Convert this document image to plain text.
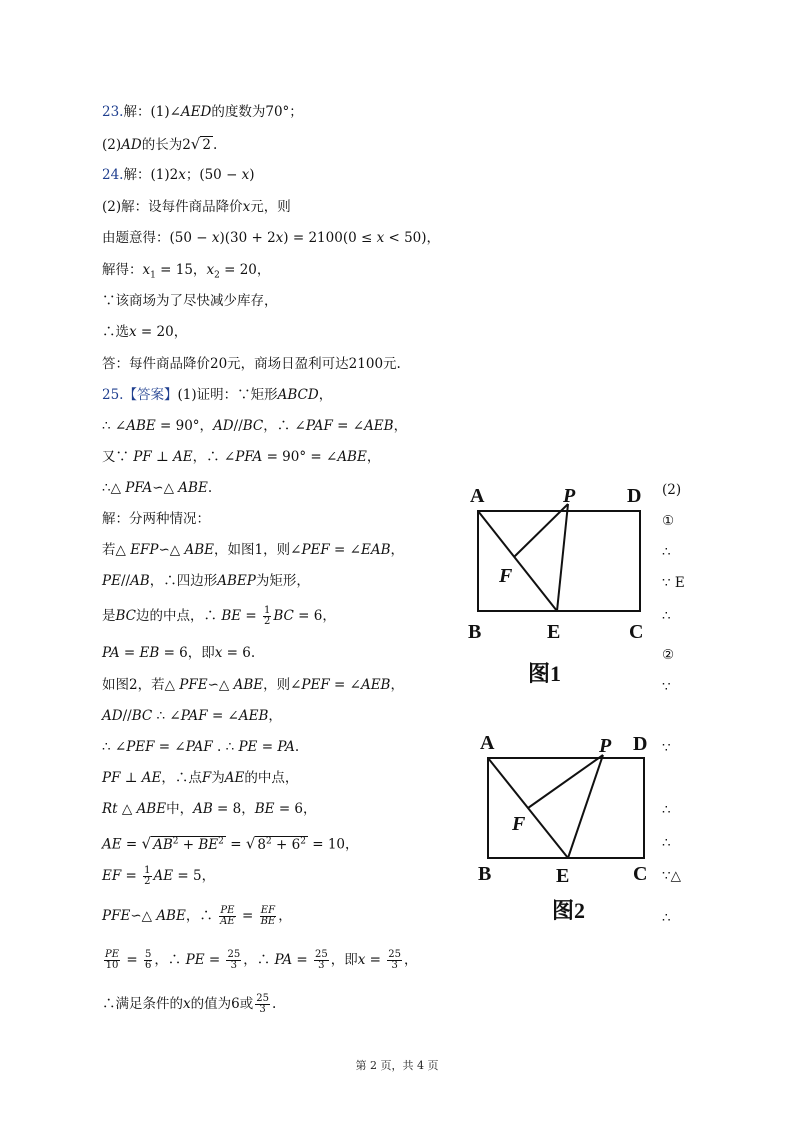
23.解：(1)∠AED的度数为70°；
(2)AD的长为2√ 2 .
24.解：(1)2x；(50 − x)
(2)解：设每件商品降价x元，则
由题意得：(50 − x)(30 + 2x) = 2100(0 ≤ x < 50)，
解得：$x_1 = 15$，$x_2 = 20$，
∵该商场为了尽快减少库存，
∴选x = 20，
答：每件商品降价20元，商场日盈利可达2100元.
25.【答案】(1)证明：∵矩形ABCD，
∴ ∠ABE = 90°，AD//BC，∴ ∠PAF = ∠AEB，
又∵ PF ⊥ AE，∴ ∠PFA = 90° = ∠ABE，
∴△ PFA∽△ ABE.
解：分两种情况：
若△ EFP∽△ ABE，如图1，则∠PEF = ∠EAB，
PE//AB，∴四边形ABEP为矩形，
是BC边的中点，∴ BE = $\frac{1}{2}$ BC = 6，
PA = EB = 6，即x = 6.
如图2，若△ PFE∽△ ABE，则∠PEF = ∠AEB，
AD//BC ∴ ∠PAF = ∠AEB，
∴ ∠PEF = ∠PAF . ∴ PE = PA.
PF ⊥ AE，∴点F为AE的中点，
Rt △ ABE中，AB = 8，BE = 6，
AE = √ $AB^2 + BE^2$ = √ $8^2 + 6^2 = 10$，
EF = $\frac{1}{2}$ AE = 5，
PFE∽△ ABE，∴ $\frac{PE}{AE} = \frac{EF}{BE}$ ，
$\frac{PE}{10} = \frac{5}{6}$ ，∴ PE = $\frac{25}{3}$ ，∴ PA = $\frac{25}{3}$ ，即$x = \frac{25}{3}$ ，
∴满足条件的x的值为6或 $\frac{25}{3}$ .
(2)
①
∴
∵ E
∴
②
∵
∵
∴
∴
∵△
∴
A	P	D
F
B	E	C
图1
A	P D
F
B	E	C
图2
第 2 页，共 4 页
